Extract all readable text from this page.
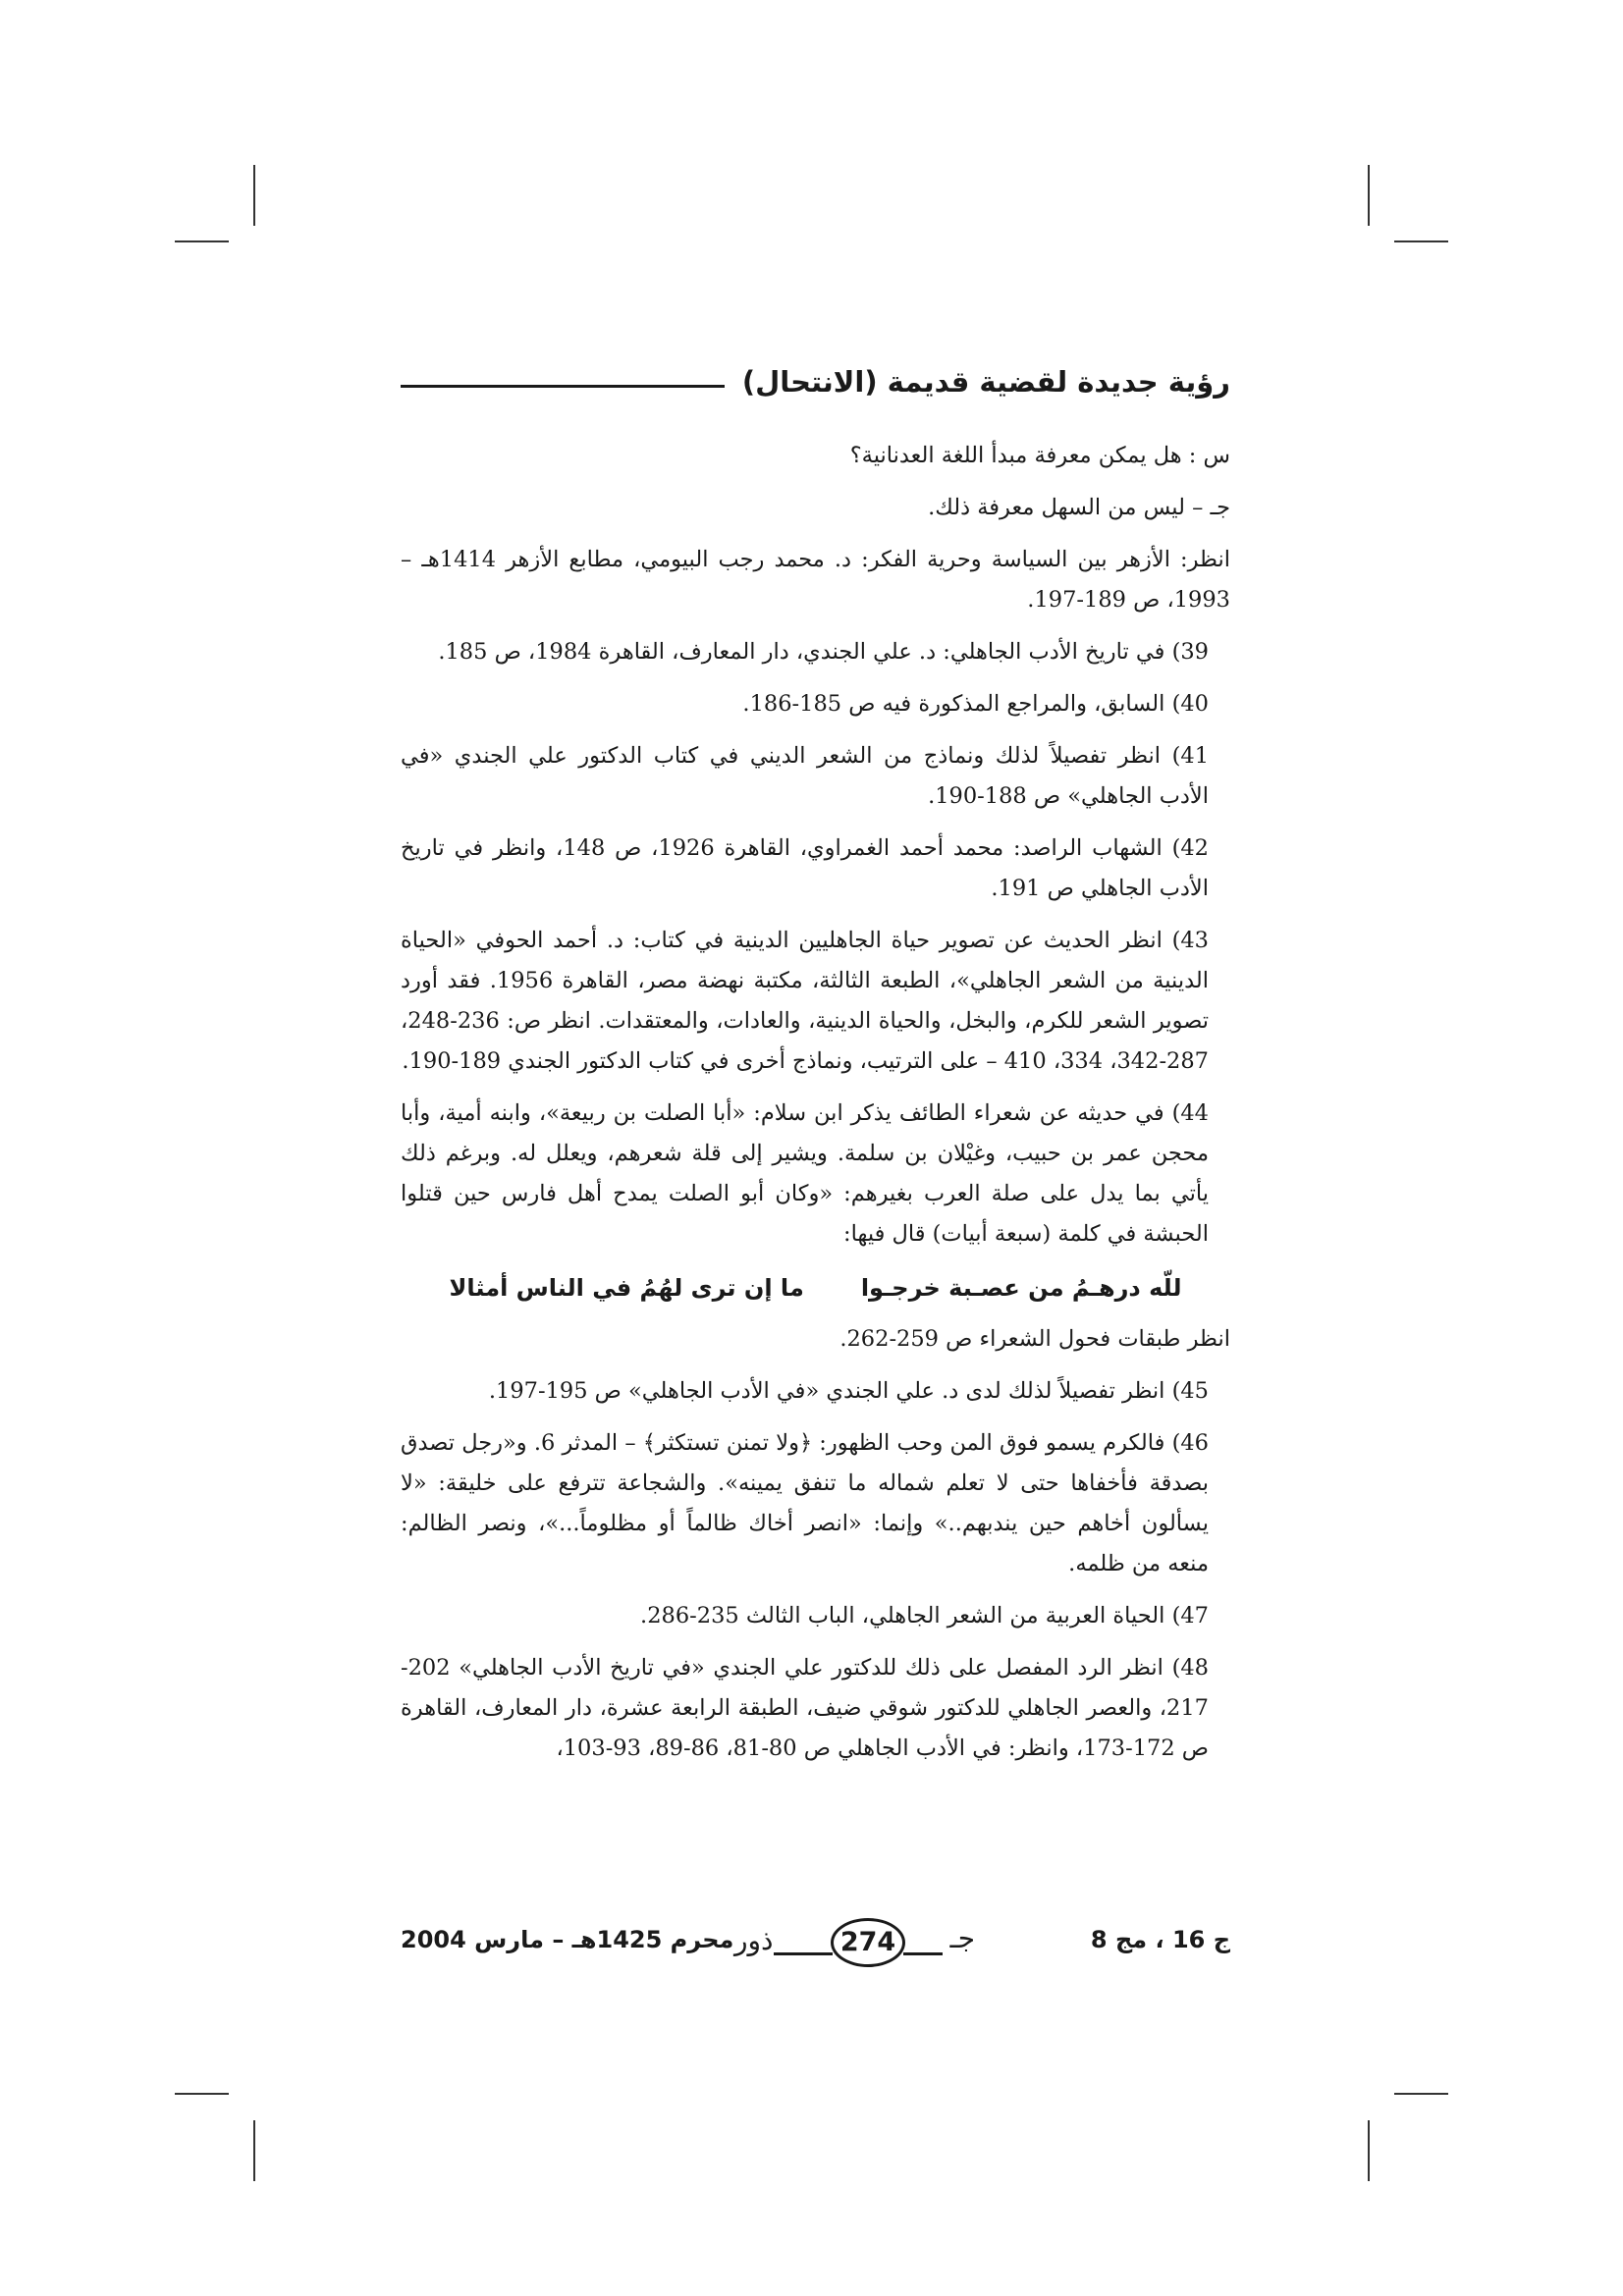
رؤية جديدة لقضية قديمة (الانتحال)

س : هل يمكن معرفة مبدأ اللغة العدنانية؟

جـ – ليس من السهل معرفة ذلك.

انظر: الأزهر بين السياسة وحرية الفكر: د. محمد رجب البيومي، مطابع الأزهر 1414هـ – 1993، ص 189-197.

39) في تاريخ الأدب الجاهلي: د. علي الجندي، دار المعارف، القاهرة 1984، ص 185.

40) السابق، والمراجع المذكورة فيه ص 185-186.

41) انظر تفصيلاً لذلك ونماذج من الشعر الديني في كتاب الدكتور علي الجندي «في الأدب الجاهلي» ص 188-190.

42) الشهاب الراصد: محمد أحمد الغمراوي، القاهرة 1926، ص 148، وانظر في تاريخ الأدب الجاهلي ص 191.

43) انظر الحديث عن تصوير حياة الجاهليين الدينية في كتاب: د. أحمد الحوفي «الحياة الدينية من الشعر الجاهلي»، الطبعة الثالثة، مكتبة نهضة مصر، القاهرة 1956. فقد أورد تصوير الشعر للكرم، والبخل، والحياة الدينية، والعادات، والمعتقدات. انظر ص: 236-248، 287-342، 334، 410 – على الترتيب، ونماذج أخرى في كتاب الدكتور الجندي 189-190.

44) في حديثه عن شعراء الطائف يذكر ابن سلام: «أبا الصلت بن ربيعة»، وابنه أمية، وأبا محجن عمر بن حبيب، وغيْلان بن سلمة. ويشير إلى قلة شعرهم، ويعلل له. وبرغم ذلك يأتي بما يدل على صلة العرب بغيرهم: «وكان أبو الصلت يمدح أهل فارس حين قتلوا الحبشة في كلمة (سبعة أبيات) قال فيها:

للّه درهـمُ من عصـبة خرجـوا
ما إن ترى لهُمُ في الناس أمثالا

انظر طبقات فحول الشعراء ص 259-262.

45) انظر تفصيلاً لذلك لدى د. علي الجندي «في الأدب الجاهلي» ص 195-197.

46) فالكرم يسمو فوق المن وحب الظهور: ﴿ولا تمنن تستكثر﴾ – المدثر 6. و«رجل تصدق بصدقة فأخفاها حتى لا تعلم شماله ما تنفق يمينه». والشجاعة تترفع على خليقة: «لا يسألون أخاهم حين يندبهم..» وإنما: «انصر أخاك ظالماً أو مظلوماً...»، ونصر الظالم: منعه من ظلمه.

47) الحياة العربية من الشعر الجاهلي، الباب الثالث 235-286.

48) انظر الرد المفصل على ذلك للدكتور علي الجندي «في تاريخ الأدب الجاهلي» 202-217، والعصر الجاهلي للدكتور شوقي ضيف، الطبقة الرابعة عشرة، دار المعارف، القاهرة ص 172-173، وانظر: في الأدب الجاهلي ص 80-81، 86-89، 93-103،

ج 16 ، مج 8
جـ
274
ذور
محرم 1425هـ – مارس 2004
